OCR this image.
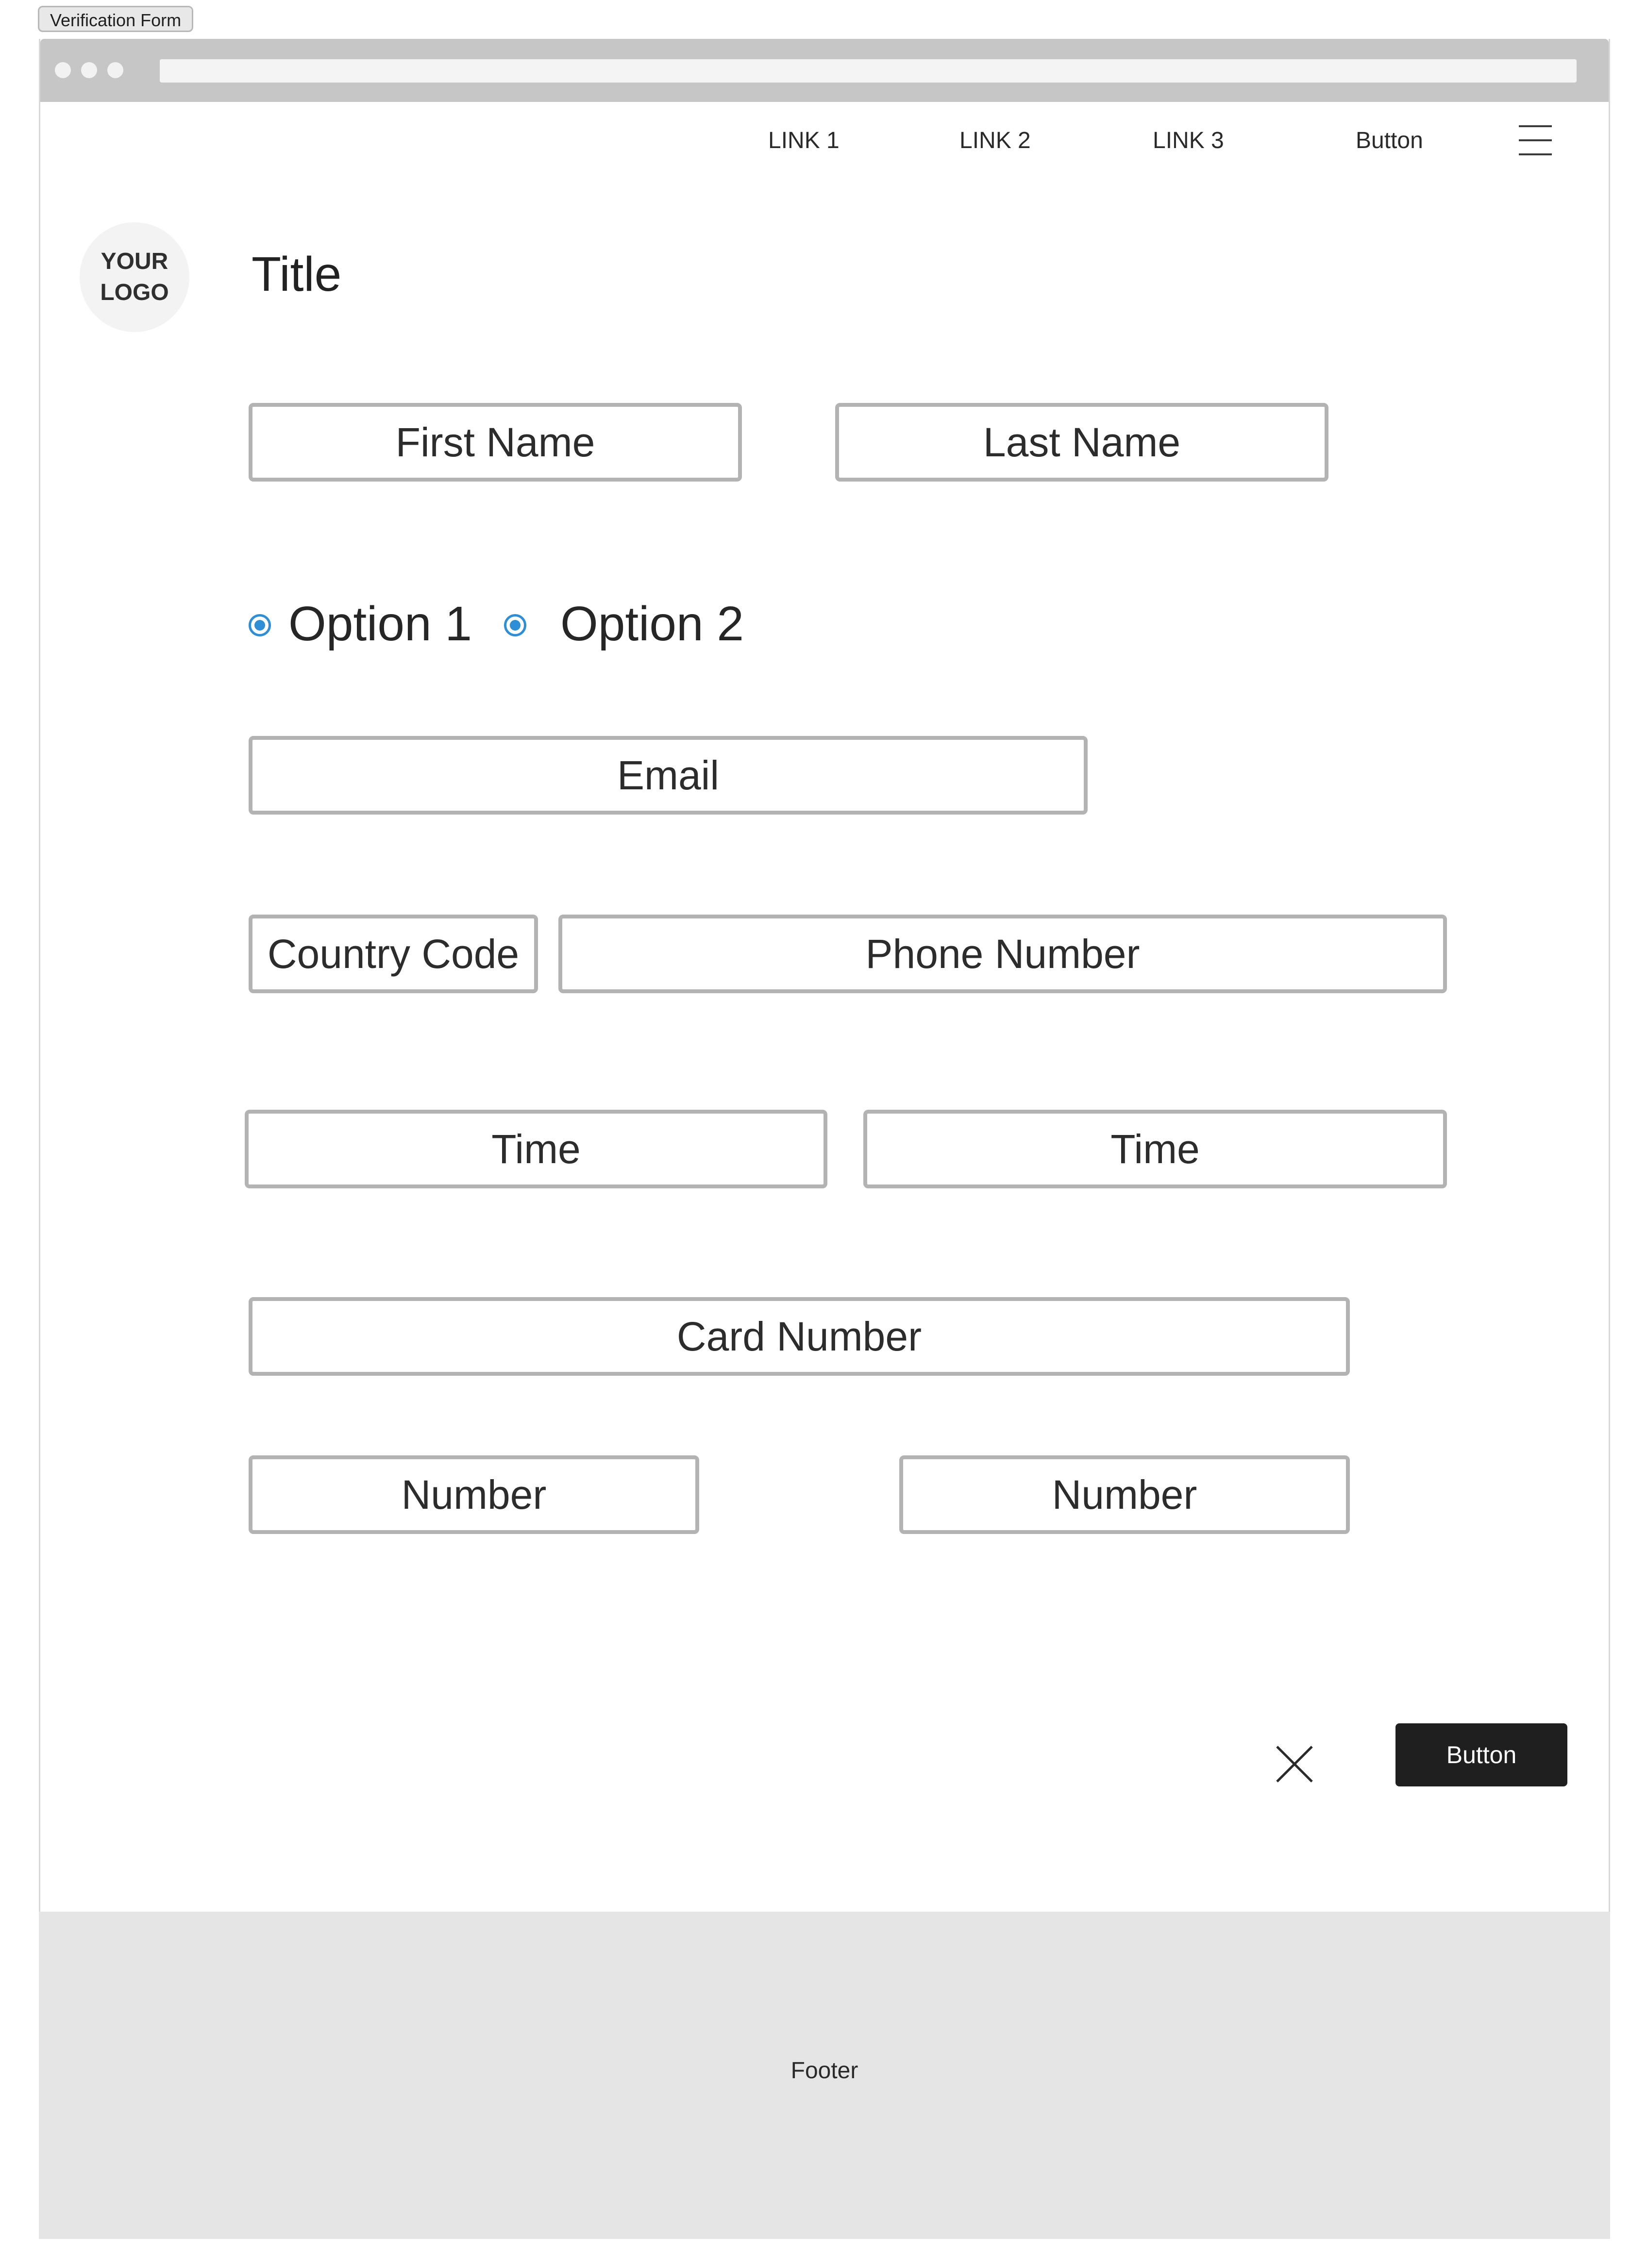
Verification Form
LINK 1	LINK 2	LINK 3	Button
YOUR
LOGO	Title
First Name	Last Name
Option 1 Option 2
Email
Country Code	Phone Number
Time	Time
Card Number
Number	Number
Button
Footer
